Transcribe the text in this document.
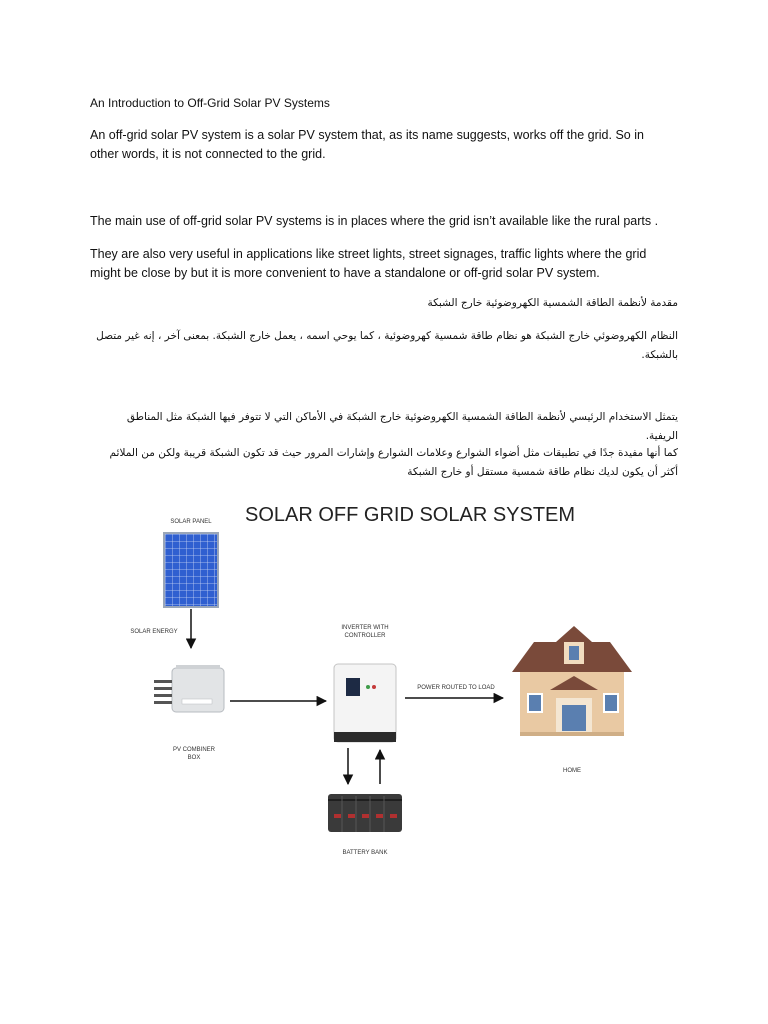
An Introduction to Off-Grid Solar PV Systems

An off-grid solar PV system is a solar PV system that, as its name suggests, works off the grid. So in other words, it is not connected to the grid.

The main use of off-grid solar PV systems is in places where the grid isn’t available like the rural parts .

They are also very useful in applications like street lights, street signages, traffic lights where the grid might be close by but it is more convenient to have a standalone or off-grid solar PV system.

مقدمة لأنظمة الطاقة الشمسية الكهروضوئية خارج الشبكة

النظام الكهروضوئي خارج الشبكة هو نظام طاقة شمسية كهروضوئية ، كما يوحي اسمه ، يعمل خارج الشبكة. بمعنى آخر ، إنه غير متصل بالشبكة.

يتمثل الاستخدام الرئيسي لأنظمة الطاقة الشمسية الكهروضوئية خارج الشبكة في الأماكن التي لا تتوفر فيها الشبكة مثل المناطق الريفية.

كما أنها مفيدة جدًا في تطبيقات مثل أضواء الشوارع وعلامات الشوارع وإشارات المرور حيث قد تكون الشبكة قريبة ولكن من الملائم أكثر أن يكون لديك نظام طاقة شمسية مستقل أو خارج الشبكة

SOLAR OFF GRID SOLAR SYSTEM

SOLAR PANEL

SOLAR ENERGY

PV COMBINER
BOX
INVERTER WITH
CONTROLLER

POWER ROUTED TO LOAD

HOME

BATTERY BANK
